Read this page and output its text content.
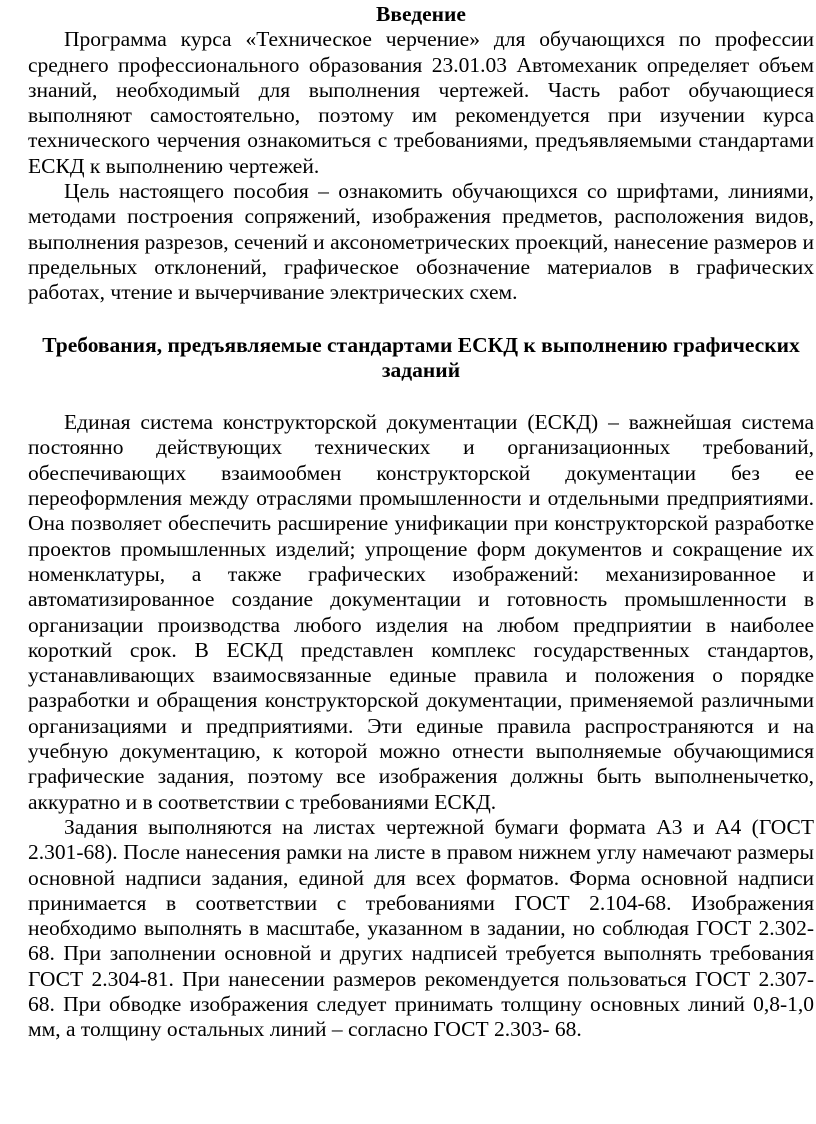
Введение

Программа курса «Техническое черчение» для обучающихся по профессии среднего профессионального образования 23.01.03 Автомеханик определяет объем знаний, необходимый для выполнения чертежей. Часть работ обучающиеся выполняют самостоятельно, поэтому им рекомендуется при изучении курса технического черчения ознакомиться с требованиями, предъявляемыми стандартами ЕСКД к выполнению чертежей.

Цель настоящего пособия – ознакомить обучающихся со шрифтами, линиями, методами построения сопряжений, изображения предметов, расположения видов, выполнения разрезов, сечений и аксонометрических проекций, нанесение размеров и предельных отклонений, графическое обозначение материалов в графических работах, чтение и вычерчивание электрических схем.

Требования, предъявляемые стандартами ЕСКД к выполнению графических заданий

Единая система конструкторской документации (ЕСКД) – важнейшая система постоянно действующих технических и организационных требований, обеспечивающих взаимообмен конструкторской документации без ее переоформления между отраслями промышленности и отдельными предприятиями. Она позволяет обеспечить расширение унификации при конструкторской разработке проектов промышленных изделий; упрощение форм документов и сокращение их номенклатуры, а также графических изображений: механизированное и автоматизированное создание документации и готовность промышленности в организации производства любого изделия на любом предприятии в наиболее короткий срок. В ЕСКД представлен комплекс государственных стандартов, устанавливающих взаимосвязанные единые правила и положения о порядке разработки и обращения конструкторской документации, применяемой различными организациями и предприятиями. Эти единые правила распространяются и на учебную документацию, к которой можно отнести выполняемые обучающимися графические задания, поэтому все изображения должны быть выполненычетко, аккуратно и в соответствии с требованиями ЕСКД.

Задания выполняются на листах чертежной бумаги формата А3 и А4 (ГОСТ 2.301-68). После нанесения рамки на листе в правом нижнем углу намечают размеры основной надписи задания, единой для всех форматов. Форма основной надписи принимается в соответствии с требованиями ГОСТ 2.104-68. Изображения необходимо выполнять в масштабе, указанном в задании, но соблюдая ГОСТ 2.302-68. При заполнении основной и других надписей требуется выполнять требования ГОСТ 2.304-81. При нанесении размеров рекомендуется пользоваться ГОСТ 2.307-68. При обводке изображения следует принимать толщину основных линий 0,8-1,0 мм, а толщину остальных линий – согласно ГОСТ 2.303- 68.
